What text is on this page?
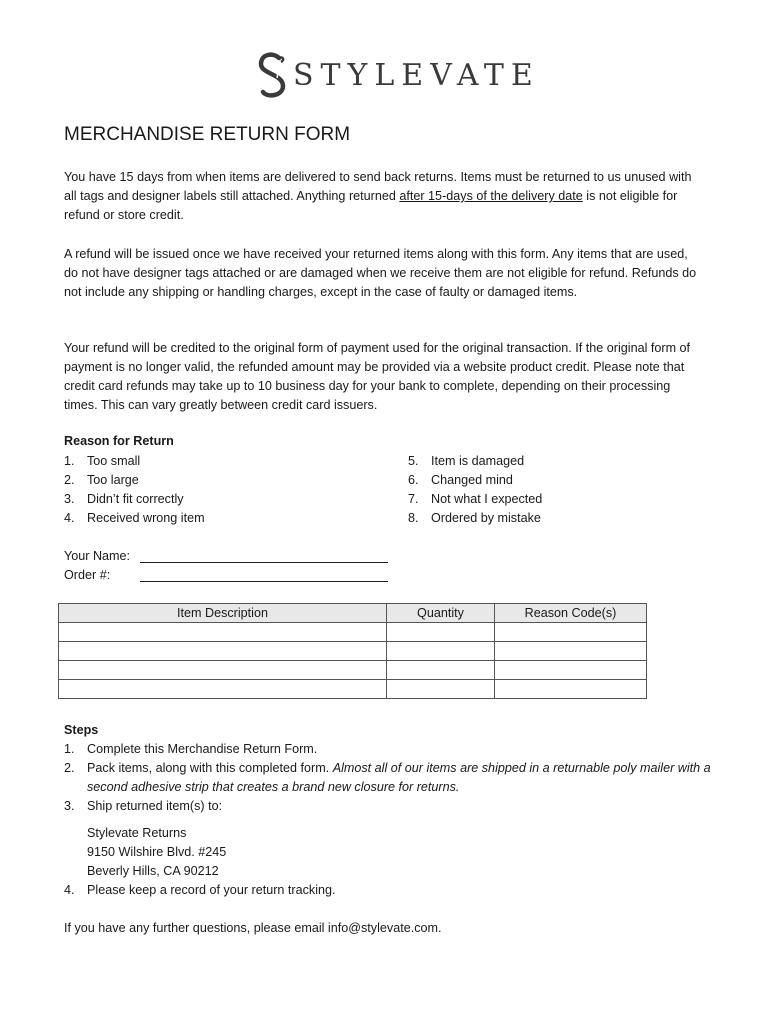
STYLEVATE
MERCHANDISE RETURN FORM

You have 15 days from when items are delivered to send back returns. Items must be returned to us unused with all tags and designer labels still attached. Anything returned after 15-days of the delivery date is not eligible for refund or store credit.

A refund will be issued once we have received your returned items along with this form. Any items that are used, do not have designer tags attached or are damaged when we receive them are not eligible for refund. Refunds do not include any shipping or handling charges, except in the case of faulty or damaged items.

Your refund will be credited to the original form of payment used for the original transaction. If the original form of payment is no longer valid, the refunded amount may be provided via a website product credit. Please note that credit card refunds may take up to 10 business day for your bank to complete, depending on their processing times. This can vary greatly between credit card issuers.

Reason for Return
1. Too small
2. Too large
3. Didn’t fit correctly
4. Received wrong item
5. Item is damaged
6. Changed mind
7. Not what I expected
8. Ordered by mistake
Your Name:
Order #:
Item Description	Quantity	Reason Code(s)

Steps
1. Complete this Merchandise Return Form.
2. Pack items, along with this completed form. Almost all of our items are shipped in a returnable poly mailer with a second adhesive strip that creates a brand new closure for returns.
3. Ship returned item(s) to:
Stylevate Returns
9150 Wilshire Blvd. #245
Beverly Hills, CA 90212
4. Please keep a record of your return tracking.

If you have any further questions, please email info@stylevate.com.
